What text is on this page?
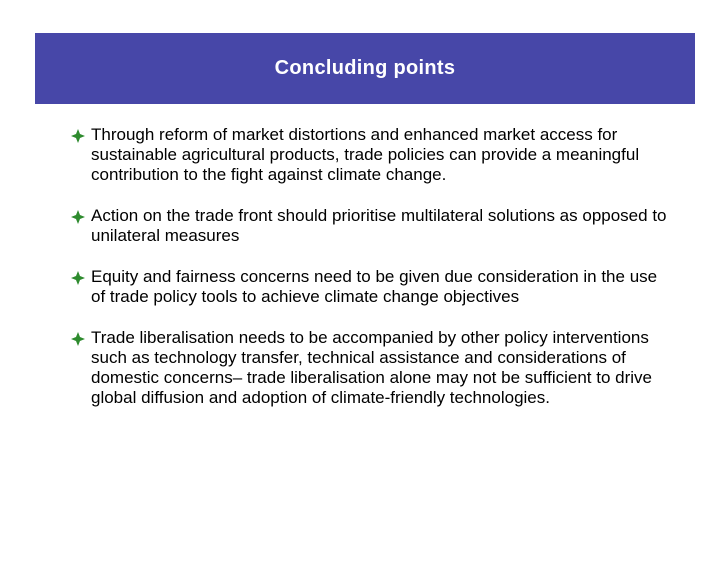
Concluding points
Through reform of market distortions and enhanced market access for sustainable agricultural products, trade policies can provide a meaningful contribution to the fight against climate change.
Action on the trade front should prioritise multilateral solutions as opposed to unilateral measures
Equity and fairness concerns need to be given due consideration in the use of trade policy tools to achieve climate change objectives
Trade liberalisation needs to be accompanied by other policy interventions such as technology transfer, technical assistance and considerations of domestic concerns– trade liberalisation alone may not be sufficient to drive global diffusion and adoption of climate-friendly technologies.
